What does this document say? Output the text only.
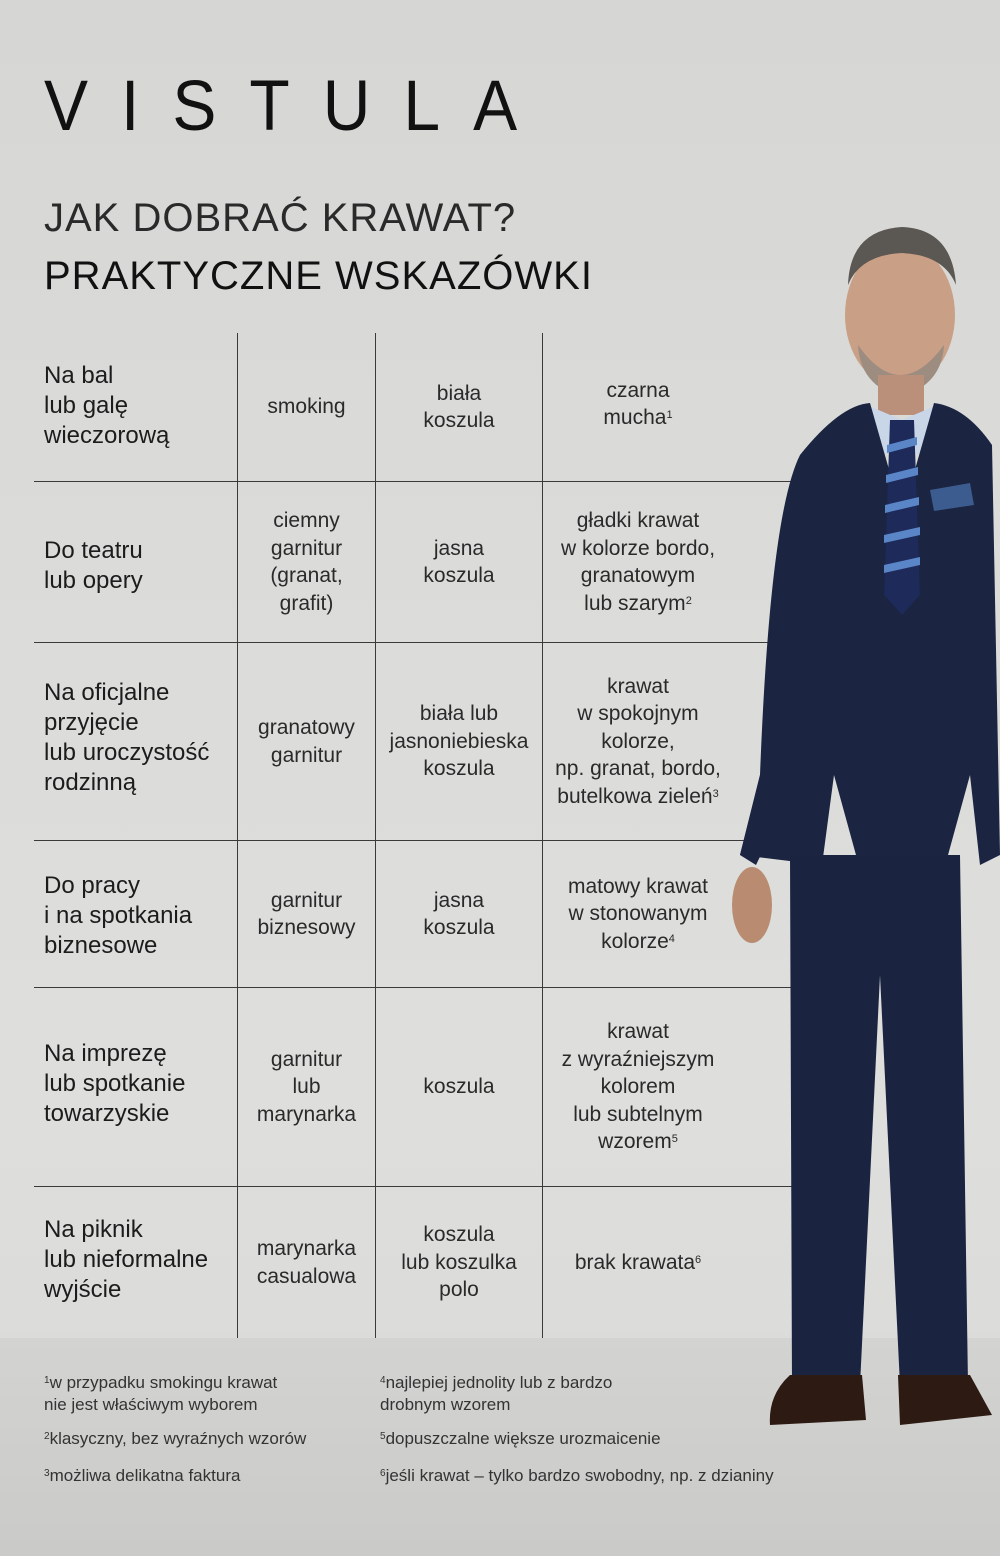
VISTULA
JAK DOBRAĆ KRAWAT?
PRAKTYCZNE WSKAZÓWKI
Na bal
lub galę
wieczorową
smoking
biała
koszula
czarna
mucha$^1$
Do teatru
lub opery
ciemny
garnitur
(granat,
grafit)
jasna
koszula
gładki krawat
w kolorze bordo,
granatowym
lub szarym$^2$
Na oficjalne
przyjęcie
lub uroczystość
rodzinną
granatowy
garnitur
biała lub
jasnoniebieska
koszula
krawat
w spokojnym
kolorze,
np. granat, bordo,
butelkowa zieleń$^3$
Do pracy
i na spotkania
biznesowe
garnitur
biznesowy
jasna
koszula
matowy krawat
w stonowanym
kolorze$^4$
Na imprezę
lub spotkanie
towarzyskie
garnitur
lub
marynarka
koszula
krawat
z wyraźniejszym
kolorem
lub subtelnym
wzorem$^5$
Na piknik
lub nieformalne
wyjście
marynarka
casualowa
koszula
lub koszulka
polo
brak krawata$^6$
$^1$w przypadku smokingu krawat
nie jest właściwym wyborem
$^2$klasyczny, bez wyraźnych wzorów
$^3$możliwa delikatna faktura
$^4$najlepiej jednolity lub z bardzo
drobnym wzorem
$^5$dopuszczalne większe urozmaicenie
$^6$jeśli krawat – tylko bardzo swobodny, np. z dzianiny
